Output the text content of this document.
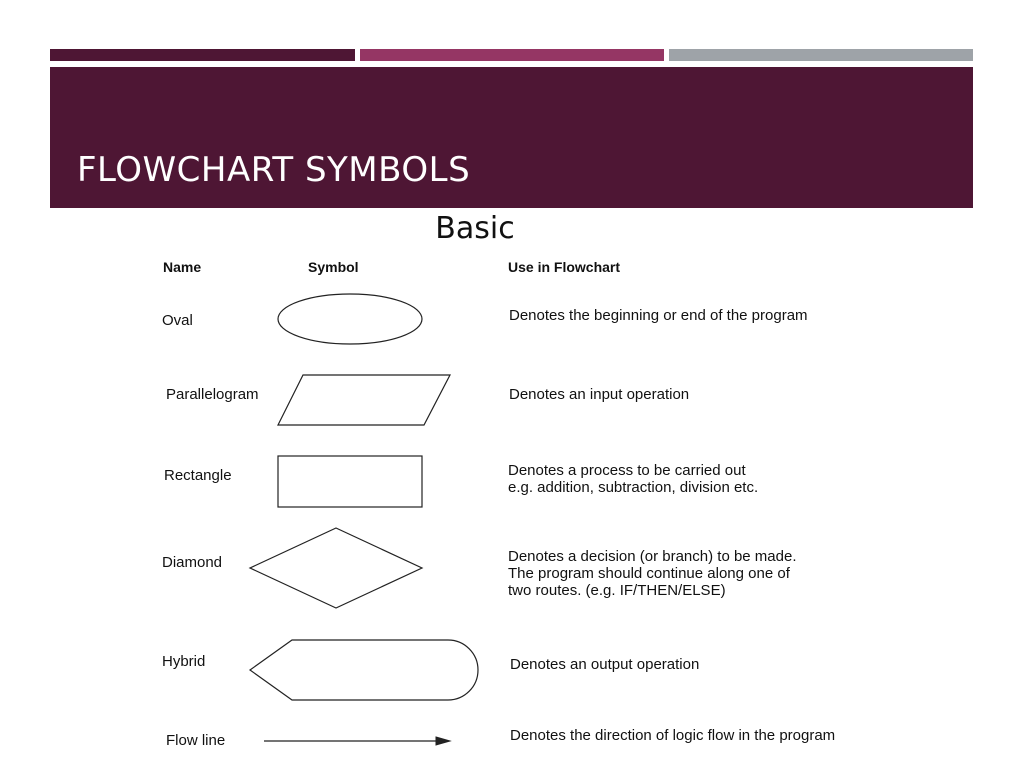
FLOWCHART SYMBOLS
Basic
Name	Symbol	Use in Flowchart
Oval
Parallelogram
Rectangle
Diamond
Hybrid
Flow line
Denotes the beginning or end of the program
Denotes an input operation
Denotes a process to be carried out
e.g. addition, subtraction, division etc.
Denotes a decision (or branch) to be made.
The program should continue along one of
two routes. (e.g. IF/THEN/ELSE)
Denotes an output operation
Denotes the direction of logic flow in the program
